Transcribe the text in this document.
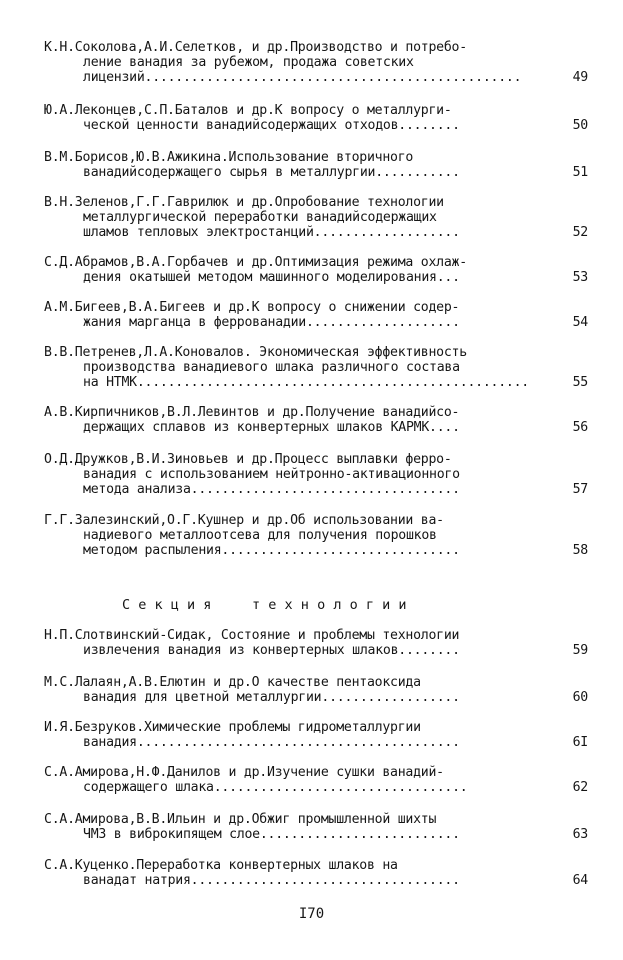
К.Н.Соколова,А.И.Селетков, и др.Производство и потребо-
ление ванадия за рубежом, продажа советских
лицензий.................................................	49
Ю.А.Леконцев,С.П.Баталов и др.К вопросу о металлурги-
ческой ценности ванадийсодержащих отходов........	50
В.М.Борисов,Ю.В.Ажикина.Использование вторичного
ванадийсодержащего сырья в металлургии...........	51
В.Н.Зеленов,Г.Г.Гаврилюк и др.Опробование технологии
металлургической переработки ванадийсодержащих
шламов тепловых электростанций...................	52
С.Д.Абрамов,В.А.Горбачев и др.Оптимизация режима охлаж-
дения окатышей методом машинного моделирования...	53
А.М.Бигеев,В.А.Бигеев и др.К вопросу о снижении содер-
жания марганца в феррованадии....................	54
В.В.Петренев,Л.А.Коновалов. Экономическая эффективность
производства ванадиевого шлака различного состава
на НТМК...................................................	55
А.В.Кирпичников,В.Л.Левинтов и др.Получение ванадийсо-
держащих сплавов из конвертерных шлаков КАРМК....	56
О.Д.Дружков,В.И.Зиновьев и др.Процесс выплавки ферро-
ванадия с использованием нейтронно-активационного
метода анализа...................................	57
Г.Г.Залезинский,О.Г.Кушнер и др.Об использовании ва-
надиевого металлоотсева для получения порошков
методом распыления...............................	58
С е к ц и я     т е х н о л о г и и
Н.П.Слотвинский-Сидак, Состояние и проблемы технологии
извлечения ванадия из конвертерных шлаков........	59
М.С.Лалаян,А.В.Елютин и др.О качестве пентаоксида
ванадия для цветной металлургии..................	60
И.Я.Безруков.Химические проблемы гидрометаллургии
ванадия..........................................	6I
С.А.Амирова,Н.Ф.Данилов и др.Изучение сушки ванадий-
содержащего шлака.................................	62
С.А.Амирова,В.В.Ильин и др.Обжиг промышленной шихты
ЧМЗ в виброкипящем слое..........................	63
С.А.Куценко.Переработка конвертерных шлаков на
ванадат натрия...................................	64
I70
